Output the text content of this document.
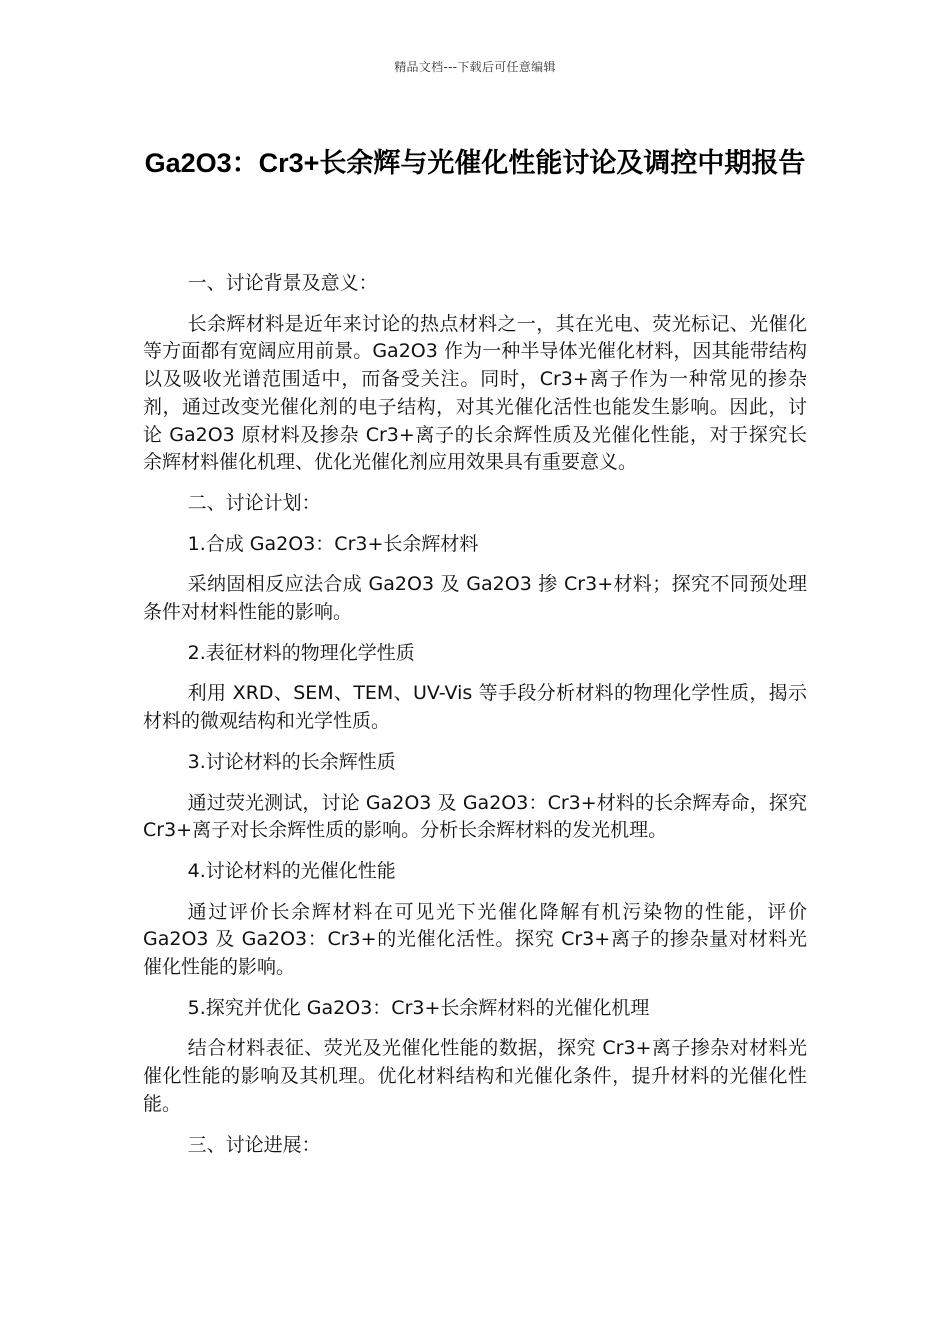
精品文档---下载后可任意编辑
Ga2O3：Cr3+长余辉与光催化性能讨论及调控中期报告

一、讨论背景及意义：

长余辉材料是近年来讨论的热点材料之一，其在光电、荧光标记、光催化等方面都有宽阔应用前景。Ga2O3 作为一种半导体光催化材料，因其能带结构以及吸收光谱范围适中，而备受关注。同时，Cr3+离子作为一种常见的掺杂剂，通过改变光催化剂的电子结构，对其光催化活性也能发生影响。因此，讨论 Ga2O3 原材料及掺杂 Cr3+离子的长余辉性质及光催化性能，对于探究长余辉材料催化机理、优化光催化剂应用效果具有重要意义。

二、讨论计划：

1.合成 Ga2O3：Cr3+长余辉材料

采纳固相反应法合成 Ga2O3 及 Ga2O3 掺 Cr3+材料；探究不同预处理条件对材料性能的影响。

2.表征材料的物理化学性质

利用 XRD、SEM、TEM、UV-Vis 等手段分析材料的物理化学性质，揭示材料的微观结构和光学性质。

3.讨论材料的长余辉性质

通过荧光测试，讨论 Ga2O3 及 Ga2O3：Cr3+材料的长余辉寿命，探究 Cr3+离子对长余辉性质的影响。分析长余辉材料的发光机理。

4.讨论材料的光催化性能

通过评价长余辉材料在可见光下光催化降解有机污染物的性能，评价 Ga2O3 及 Ga2O3：Cr3+的光催化活性。探究 Cr3+离子的掺杂量对材料光催化性能的影响。

5.探究并优化 Ga2O3：Cr3+长余辉材料的光催化机理

结合材料表征、荧光及光催化性能的数据，探究 Cr3+离子掺杂对材料光催化性能的影响及其机理。优化材料结构和光催化条件，提升材料的光催化性能。

三、讨论进展：
